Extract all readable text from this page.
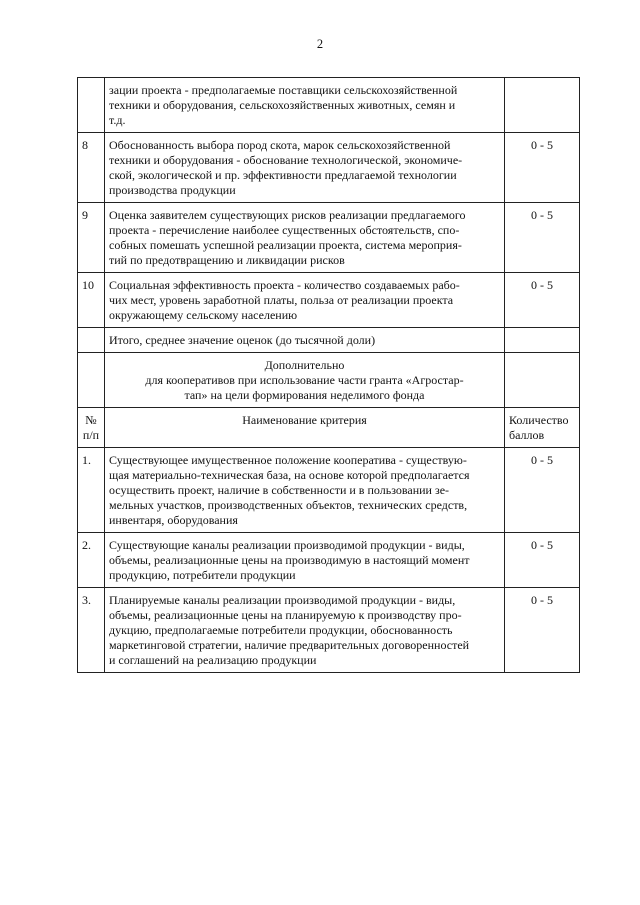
2

	зации проекта - предполагаемые поставщики сельскохозяйственной
техники и оборудования, сельскохозяйственных животных, семян и
т.д.	

8	Обоснованность выбора пород скота, марок сельскохозяйственной
техники и оборудования - обоснование технологической, экономиче-
ской, экологической и пр. эффективности предлагаемой технологии
производства продукции	0 - 5
9	Оценка заявителем существующих рисков реализации предлагаемого
проекта - перечисление наиболее существенных обстоятельств, спо-
собных помешать успешной реализации проекта, система мероприя-
тий по предотвращению и ликвидации рисков	0 - 5
10	Социальная эффективность проекта - количество создаваемых рабо-
чих мест, уровень заработной платы, польза от реализации проекта
окружающему сельскому населению	0 - 5

	Итого, среднее значение оценок (до тысячной доли)	

	Дополнительно
для кооперативов при использование части гранта «Агростар-
тап» на цели формирования неделимого фонда	

№
п/п	Наименование критерия	Количество
баллов

1.	Существующее имущественное положение кооператива - существую-
щая материально-техническая база, на основе которой предполагается
осуществить проект, наличие в собственности и в пользовании зе-
мельных участков, производственных объектов, технических средств,
инвентаря, оборудования	0 - 5
2.	Существующие каналы реализации производимой продукции - виды,
объемы, реализационные цены на производимую в настоящий момент
продукцию, потребители продукции	0 - 5
3.	Планируемые каналы реализации производимой продукции - виды,
объемы, реализационные цены на планируемую к производству про-
дукцию, предполагаемые потребители продукции, обоснованность
маркетинговой стратегии, наличие предварительных договоренностей
и соглашений на реализацию продукции	0 - 5
